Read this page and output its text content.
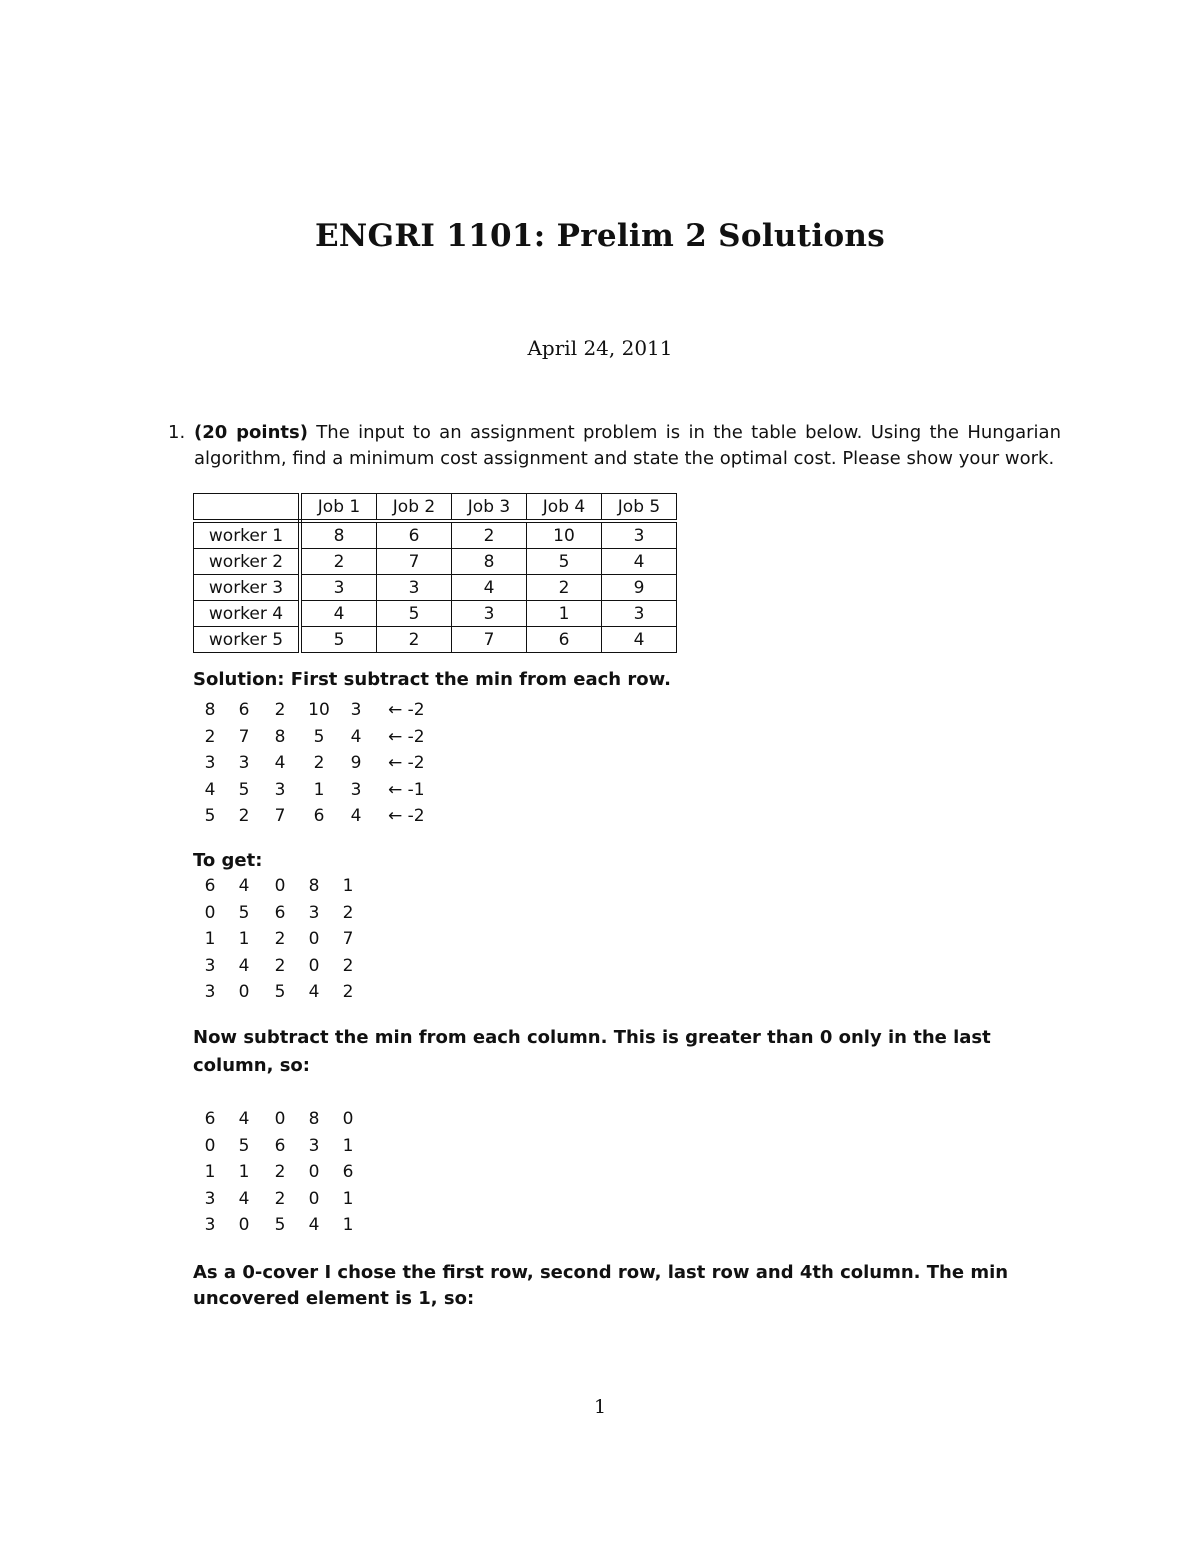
ENGRI 1101: Prelim 2 Solutions
April 24, 2011
1. (20 points) The input to an assignment problem is in the table below. Using the Hungarian algorithm, find a minimum cost assignment and state the optimal cost. Please show your work.
	Job 1	Job 2	Job 3	Job 4	Job 5
worker 1	8	6	2	10	3
worker 2	2	7	8	5	4
worker 3	3	3	4	2	9
worker 4	4	5	3	1	3
worker 5	5	2	7	6	4
Solution: First subtract the min from each row.
8	6	2	10	3	← -2
2	7	8	5	4	← -2
3	3	4	2	9	← -2
4	5	3	1	3	← -1
5	2	7	6	4	← -2
To get:
6	4	0	8	1
0	5	6	3	2
1	1	2	0	7
3	4	2	0	2
3	0	5	4	2
Now subtract the min from each column. This is greater than 0 only in the last
column, so:
6	4	0	8	0
0	5	6	3	1
1	1	2	0	6
3	4	2	0	1
3	0	5	4	1
As a 0-cover I chose the first row, second row, last row and 4th column. The min
uncovered element is 1, so:
1
